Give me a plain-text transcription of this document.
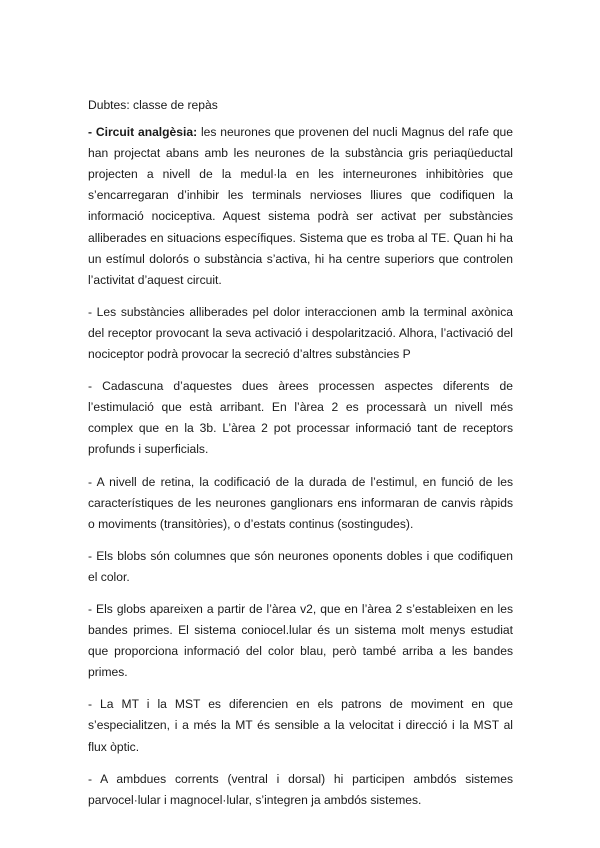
Dubtes: classe de repàs

- Circuit analgèsia: les neurones que provenen del nucli Magnus del rafe que han projectat abans amb les neurones de la substància gris periaqüeductal projecten a nivell de la medul·la en les interneurones inhibitòries que s’encarregaran d’inhibir les terminals nervioses lliures que codifiquen la informació nociceptiva. Aquest sistema podrà ser activat per substàncies alliberades en situacions específiques. Sistema que es troba al TE. Quan hi ha un estímul dolorós o substància s’activa, hi ha centre superiors que controlen l’activitat d’aquest circuit.

- Les substàncies alliberades pel dolor interaccionen amb la terminal axònica del receptor provocant la seva activació i despolarització. Alhora, l’activació del nociceptor podrà provocar la secreció d’altres substàncies P

- Cadascuna d’aquestes dues àrees processen aspectes diferents de l’estimulació que està arribant. En l’àrea 2 es processarà un nivell més complex que en la 3b. L’àrea 2 pot processar informació tant de receptors profunds i superficials.

- A nivell de retina, la codificació de la durada de l’estimul, en funció de les característiques de les neurones ganglionars ens informaran de canvis ràpids o moviments (transitòries), o d’estats continus (sostingudes).

- Els blobs són columnes que són neurones oponents dobles i que codifiquen el color.

- Els globs apareixen a partir de l’àrea v2, que en l’àrea 2 s’estableixen en les bandes primes. El sistema coniocel.lular és un sistema molt menys estudiat que proporciona informació del color blau, però també arriba a les bandes primes.

- La MT i la MST es diferencien en els patrons de moviment en que s’especialitzen, i a més la MT és sensible a la velocitat i direcció i la MST al flux òptic.

- A ambdues corrents (ventral i dorsal) hi participen ambdós sistemes parvocel·lular i magnocel·lular, s’integren ja ambdós sistemes.
